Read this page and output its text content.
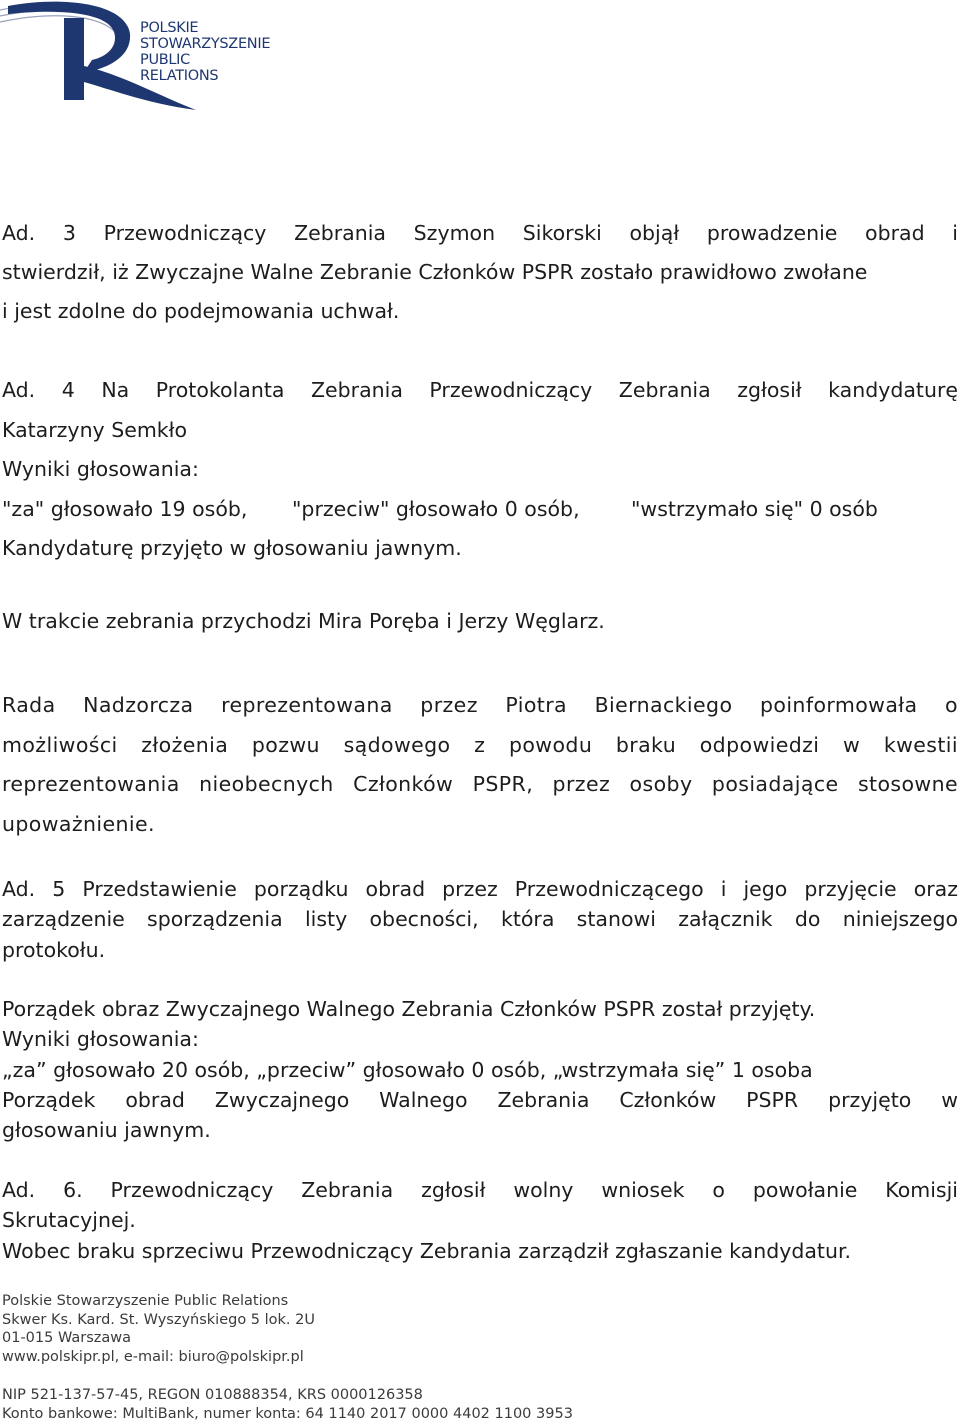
POLSKIE
STOWARZYSZENIE
PUBLIC
RELATIONS
Ad. 3 Przewodniczący Zebrania Szymon Sikorski objął prowadzenie obrad i
stwierdził, iż Zwyczajne Walne Zebranie Członków PSPR zostało prawidłowo zwołane
i jest zdolne do podejmowania uchwał.
Ad. 4 Na Protokolanta Zebrania Przewodniczący Zebrania zgłosił kandydaturę
Katarzyny Semkło
Wyniki głosowania:
"za" głosowało 19 osób, "przeciw" głosowało 0 osób,	"wstrzymało się" 0 osób
Kandydaturę przyjęto w głosowaniu jawnym.
W trakcie zebrania przychodzi Mira Poręba i Jerzy Węglarz.
Rada Nadzorcza reprezentowana przez Piotra Biernackiego poinformowała o
możliwości złożenia pozwu sądowego z powodu braku odpowiedzi w kwestii
reprezentowania nieobecnych Członków PSPR, przez osoby posiadające stosowne
upoważnienie.
Ad. 5 Przedstawienie porządku obrad przez Przewodniczącego i jego przyjęcie oraz
zarządzenie sporządzenia listy obecności, która stanowi załącznik do niniejszego
protokołu.
Porządek obraz Zwyczajnego Walnego Zebrania Członków PSPR został przyjęty.
Wyniki głosowania:
„za” głosowało 20 osób, „przeciw” głosowało 0 osób, „wstrzymała się” 1 osoba
Porządek obrad Zwyczajnego Walnego Zebrania Członków PSPR przyjęto w
głosowaniu jawnym.
Ad. 6. Przewodniczący Zebrania zgłosił wolny wniosek o powołanie Komisji
Skrutacyjnej.
Wobec braku sprzeciwu Przewodniczący Zebrania zarządził zgłaszanie kandydatur.
Polskie Stowarzyszenie Public Relations
Skwer Ks. Kard. St. Wyszyńskiego 5 lok. 2U
01-015 Warszawa
www.polskipr.pl, e-mail: biuro@polskipr.pl
NIP 521-137-57-45, REGON 010888354, KRS 0000126358
Konto bankowe: MultiBank, numer konta: 64 1140 2017 0000 4402 1100 3953
